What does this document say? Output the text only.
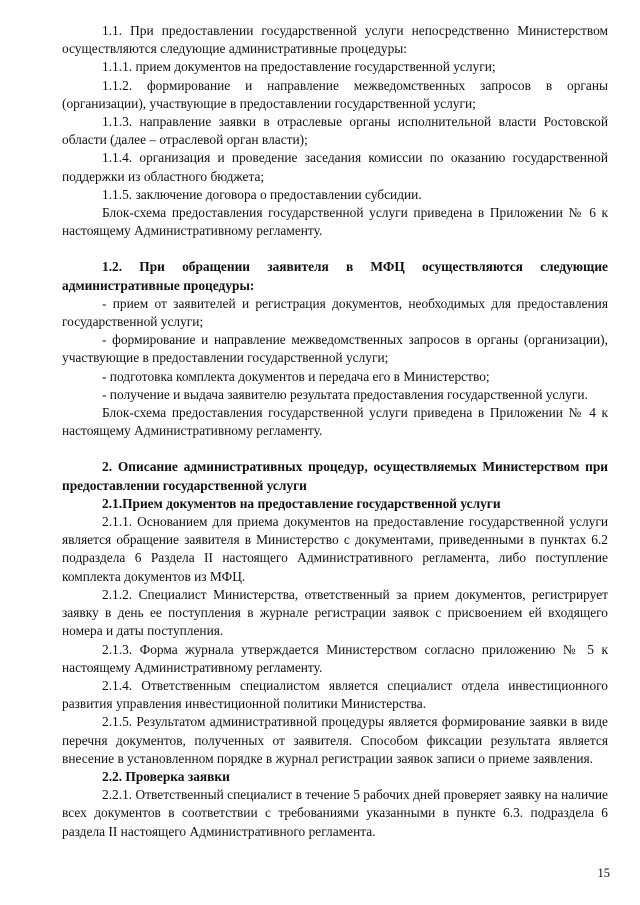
1.1. При предоставлении государственной услуги непосредственно Министерством осуществляются следующие административные процедуры:

1.1.1. прием документов на предоставление государственной услуги;

1.1.2. формирование и направление межведомственных запросов в органы (организации), участвующие в предоставлении государственной услуги;

1.1.3. направление заявки в отраслевые органы исполнительной власти Ростовской области (далее – отраслевой орган власти);

1.1.4. организация и проведение заседания комиссии по оказанию государственной поддержки из областного бюджета;

1.1.5. заключение договора о предоставлении субсидии.

Блок-схема предоставления государственной услуги приведена в Приложении № 6 к настоящему Административному регламенту.

1.2. При обращении заявителя в МФЦ осуществляются следующие административные процедуры:

- прием от заявителей и регистрация документов, необходимых для предоставления государственной услуги;

- формирование и направление межведомственных запросов в органы (организации), участвующие в предоставлении государственной услуги;

- подготовка комплекта документов и передача его в Министерство;

- получение и выдача заявителю результата предоставления государственной услуги.

Блок-схема предоставления государственной услуги приведена в Приложении № 4 к настоящему Административному регламенту.

2. Описание административных процедур, осуществляемых Министерством при предоставлении государственной услуги

2.1.Прием документов на предоставление государственной услуги

2.1.1. Основанием для приема документов на предоставление государственной услуги является обращение заявителя в Министерство с документами, приведенными в пунктах 6.2 подраздела 6 Раздела II настоящего Административного регламента, либо поступление комплекта документов из МФЦ.

2.1.2. Специалист Министерства, ответственный за прием документов, регистрирует заявку в день ее поступления в журнале регистрации заявок с присвоением ей входящего номера и даты поступления.

2.1.3. Форма журнала утверждается Министерством согласно приложению № 5 к настоящему Административному регламенту.

2.1.4. Ответственным специалистом является специалист отдела инвестиционного развития управления инвестиционной политики Министерства.

2.1.5. Результатом административной процедуры является формирование заявки в виде перечня документов, полученных от заявителя. Способом фиксации результата является внесение в установленном порядке в журнал регистрации заявок записи о приеме заявления.

2.2. Проверка заявки

2.2.1. Ответственный специалист в течение 5 рабочих дней проверяет заявку на наличие всех документов в соответствии с требованиями указанными в пункте 6.3. подраздела 6 раздела II настоящего Административного регламента.

15
